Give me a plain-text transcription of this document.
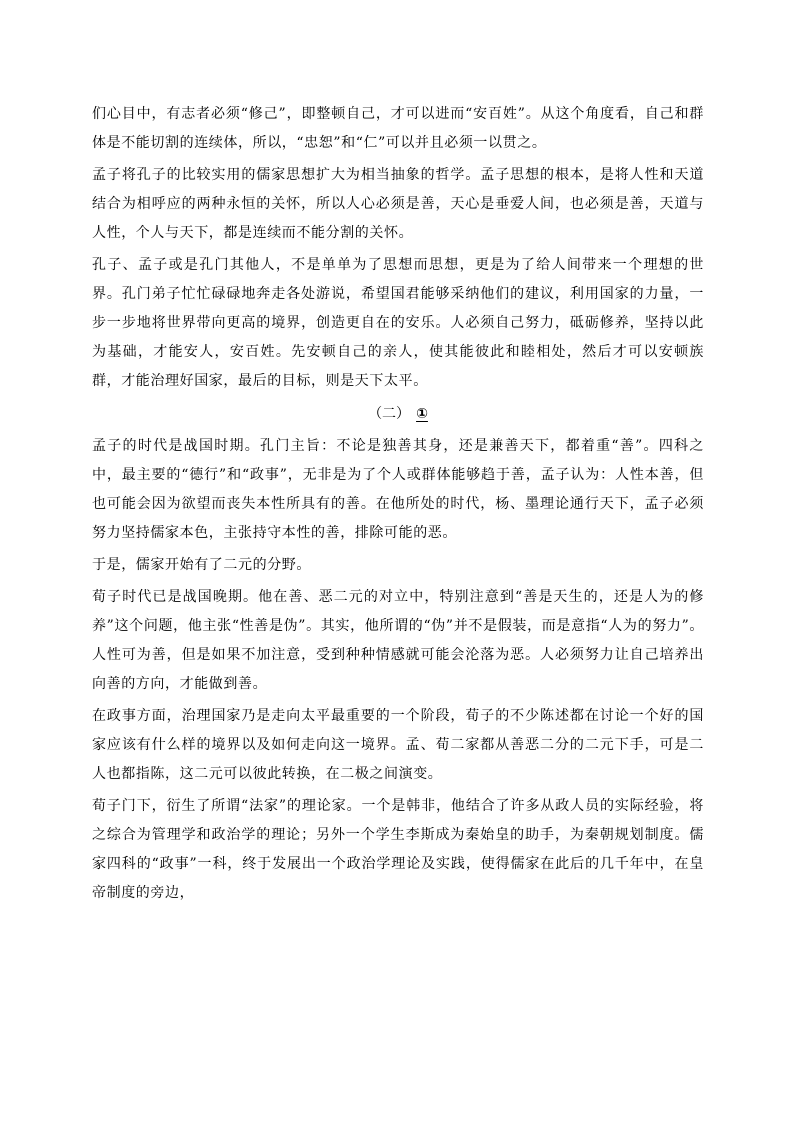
们心目中，有志者必须“修己”，即整顿自己，才可以进而“安百姓”。从这个角度看，自己和群体是不能切割的连续体，所以，“忠恕”和“仁”可以并且必须一以贯之。

孟子将孔子的比较实用的儒家思想扩大为相当抽象的哲学。孟子思想的根本，是将人性和天道结合为相呼应的两种永恒的关怀，所以人心必须是善，天心是垂爱人间，也必须是善，天道与人性，个人与天下，都是连续而不能分割的关怀。

孔子、孟子或是孔门其他人，不是单单为了思想而思想，更是为了给人间带来一个理想的世界。孔门弟子忙忙碌碌地奔走各处游说，希望国君能够采纳他们的建议，利用国家的力量，一步一步地将世界带向更高的境界，创造更自在的安乐。人必须自己努力，砥砺修养，坚持以此为基础，才能安人，安百姓。先安顿自己的亲人，使其能彼此和睦相处，然后才可以安顿族群，才能治理好国家，最后的目标，则是天下太平。

（二） ①

孟子的时代是战国时期。孔门主旨：不论是独善其身，还是兼善天下，都着重“善”。四科之中，最主要的“德行”和“政事”，无非是为了个人或群体能够趋于善，孟子认为：人性本善，但也可能会因为欲望而丧失本性所具有的善。在他所处的时代，杨、墨理论通行天下，孟子必须努力坚持儒家本色，主张持守本性的善，排除可能的恶。

于是，儒家开始有了二元的分野。

荀子时代已是战国晚期。他在善、恶二元的对立中，特别注意到“善是天生的，还是人为的修养”这个问题，他主张“性善是伪”。其实，他所谓的“伪”并不是假装，而是意指“人为的努力”。人性可为善，但是如果不加注意，受到种种情感就可能会沦落为恶。人必须努力让自己培养出向善的方向，才能做到善。

在政事方面，治理国家乃是走向太平最重要的一个阶段，荀子的不少陈述都在讨论一个好的国家应该有什么样的境界以及如何走向这一境界。孟、荀二家都从善恶二分的二元下手，可是二人也都指陈，这二元可以彼此转换，在二极之间演变。

荀子门下，衍生了所谓“法家”的理论家。一个是韩非，他结合了许多从政人员的实际经验，将之综合为管理学和政治学的理论；另外一个学生李斯成为秦始皇的助手，为秦朝规划制度。儒家四科的“政事”一科，终于发展出一个政治学理论及实践，使得儒家在此后的几千年中，在皇帝制度的旁边，
